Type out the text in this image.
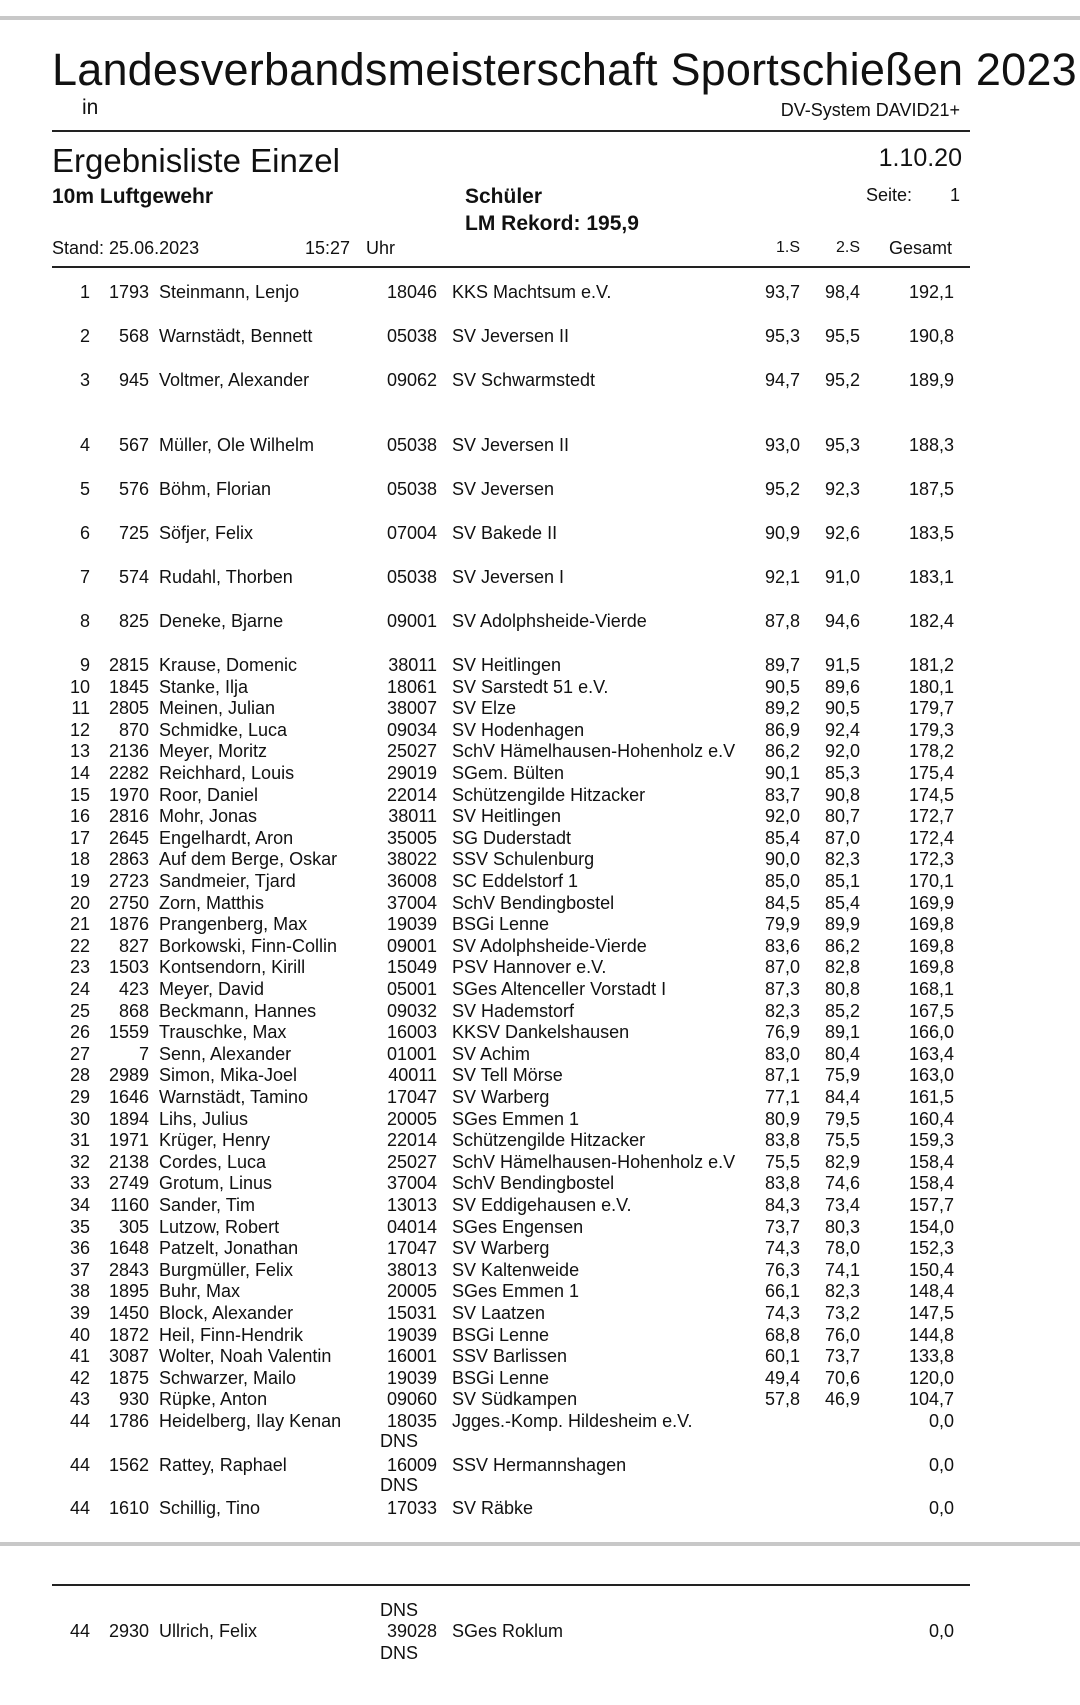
Landesverbandsmeisterschaft Sportschießen 2023
in	DV-System DAVID21+
Ergebnisliste Einzel	1.10.20
10m Luftgewehr	Schüler	Seite: 1
LM Rekord: 195,9
Stand: 25.06.2023	15:27 Uhr	1.S 2.S Gesamt
1 1793 Steinmann, Lenjo	18046 KKS Machtsum e.V.	93,7 98,4	192,1
2 568 Warnstädt, Bennett	05038 SV Jeversen II	95,3 95,5	190,8
3 945 Voltmer, Alexander	09062 SV Schwarmstedt	94,7 95,2	189,9
4 567 Müller, Ole Wilhelm	05038 SV Jeversen II	93,0 95,3	188,3
5 576 Böhm, Florian	05038 SV Jeversen	95,2 92,3	187,5
6 725 Söfjer, Felix	07004 SV Bakede II	90,9 92,6	183,5
7 574 Rudahl, Thorben	05038 SV Jeversen I	92,1 91,0	183,1
8 825 Deneke, Bjarne	09001 SV Adolphsheide-Vierde	87,8 94,6	182,4
9 2815 Krause, Domenic	38011 SV Heitlingen	89,7 91,5	181,2
10 1845 Stanke, Ilja	18061 SV Sarstedt 51 e.V.	90,5 89,6	180,1
11 2805 Meinen, Julian	38007 SV Elze	89,2 90,5	179,7
12 870 Schmidke, Luca	09034 SV Hodenhagen	86,9 92,4	179,3
13 2136 Meyer, Moritz	25027 SchV Hämelhausen-Hohenholz e.V 86,2 92,0	178,2
14 2282 Reichhard, Louis	29019 SGem. Bülten	90,1 85,3	175,4
15 1970 Roor, Daniel	22014 Schützengilde Hitzacker	83,7 90,8	174,5
16 2816 Mohr, Jonas	38011 SV Heitlingen	92,0 80,7	172,7
17 2645 Engelhardt, Aron	35005 SG Duderstadt	85,4 87,0	172,4
18 2863 Auf dem Berge, Oskar	38022 SSV Schulenburg	90,0 82,3	172,3
19 2723 Sandmeier, Tjard	36008 SC Eddelstorf 1	85,0 85,1	170,1
20 2750 Zorn, Matthis	37004 SchV Bendingbostel	84,5 85,4	169,9
21 1876 Prangenberg, Max	19039 BSGi Lenne	79,9 89,9	169,8
22 827 Borkowski, Finn-Collin	09001 SV Adolphsheide-Vierde	83,6 86,2	169,8
23 1503 Kontsendorn, Kirill	15049 PSV Hannover e.V.	87,0 82,8	169,8
24 423 Meyer, David	05001 SGes Altenceller Vorstadt I	87,3 80,8	168,1
25 868 Beckmann, Hannes	09032 SV Hademstorf	82,3 85,2	167,5
26 1559 Trauschke, Max	16003 KKSV Dankelshausen	76,9 89,1	166,0
27	7 Senn, Alexander	01001 SV Achim	83,0 80,4	163,4
28 2989 Simon, Mika-Joel	40011 SV Tell Mörse	87,1 75,9	163,0
29 1646 Warnstädt, Tamino	17047 SV Warberg	77,1 84,4	161,5
30 1894 Lihs, Julius	20005 SGes Emmen 1	80,9 79,5	160,4
31 1971 Krüger, Henry	22014 Schützengilde Hitzacker	83,8 75,5	159,3
32 2138 Cordes, Luca	25027 SchV Hämelhausen-Hohenholz e.V 75,5 82,9	158,4
33 2749 Grotum, Linus	37004 SchV Bendingbostel	83,8 74,6	158,4
34 1160 Sander, Tim	13013 SV Eddigehausen e.V.	84,3 73,4	157,7
35 305 Lutzow, Robert	04014 SGes Engensen	73,7 80,3	154,0
36 1648 Patzelt, Jonathan	17047 SV Warberg	74,3 78,0	152,3
37 2843 Burgmüller, Felix	38013 SV Kaltenweide	76,3 74,1	150,4
38 1895 Buhr, Max	20005 SGes Emmen 1	66,1 82,3	148,4
39 1450 Block, Alexander	15031 SV Laatzen	74,3 73,2	147,5
40 1872 Heil, Finn-Hendrik	19039 BSGi Lenne	68,8 76,0	144,8
41 3087 Wolter, Noah Valentin	16001 SSV Barlissen	60,1 73,7	133,8
42 1875 Schwarzer, Mailo	19039 BSGi Lenne	49,4 70,6	120,0
43 930 Rüpke, Anton	09060 SV Südkampen	57,8 46,9	104,7
44 1786 Heidelberg, Ilay Kenan	18035 Jgges.-Komp. Hildesheim e.V.	0,0
DNS
44 1562 Rattey, Raphael	16009 SSV Hermannshagen	0,0
DNS
44 1610 Schillig, Tino	17033 SV Räbke	0,0
DNS
44 2930 Ullrich, Felix	39028 SGes Roklum	0,0
DNS
